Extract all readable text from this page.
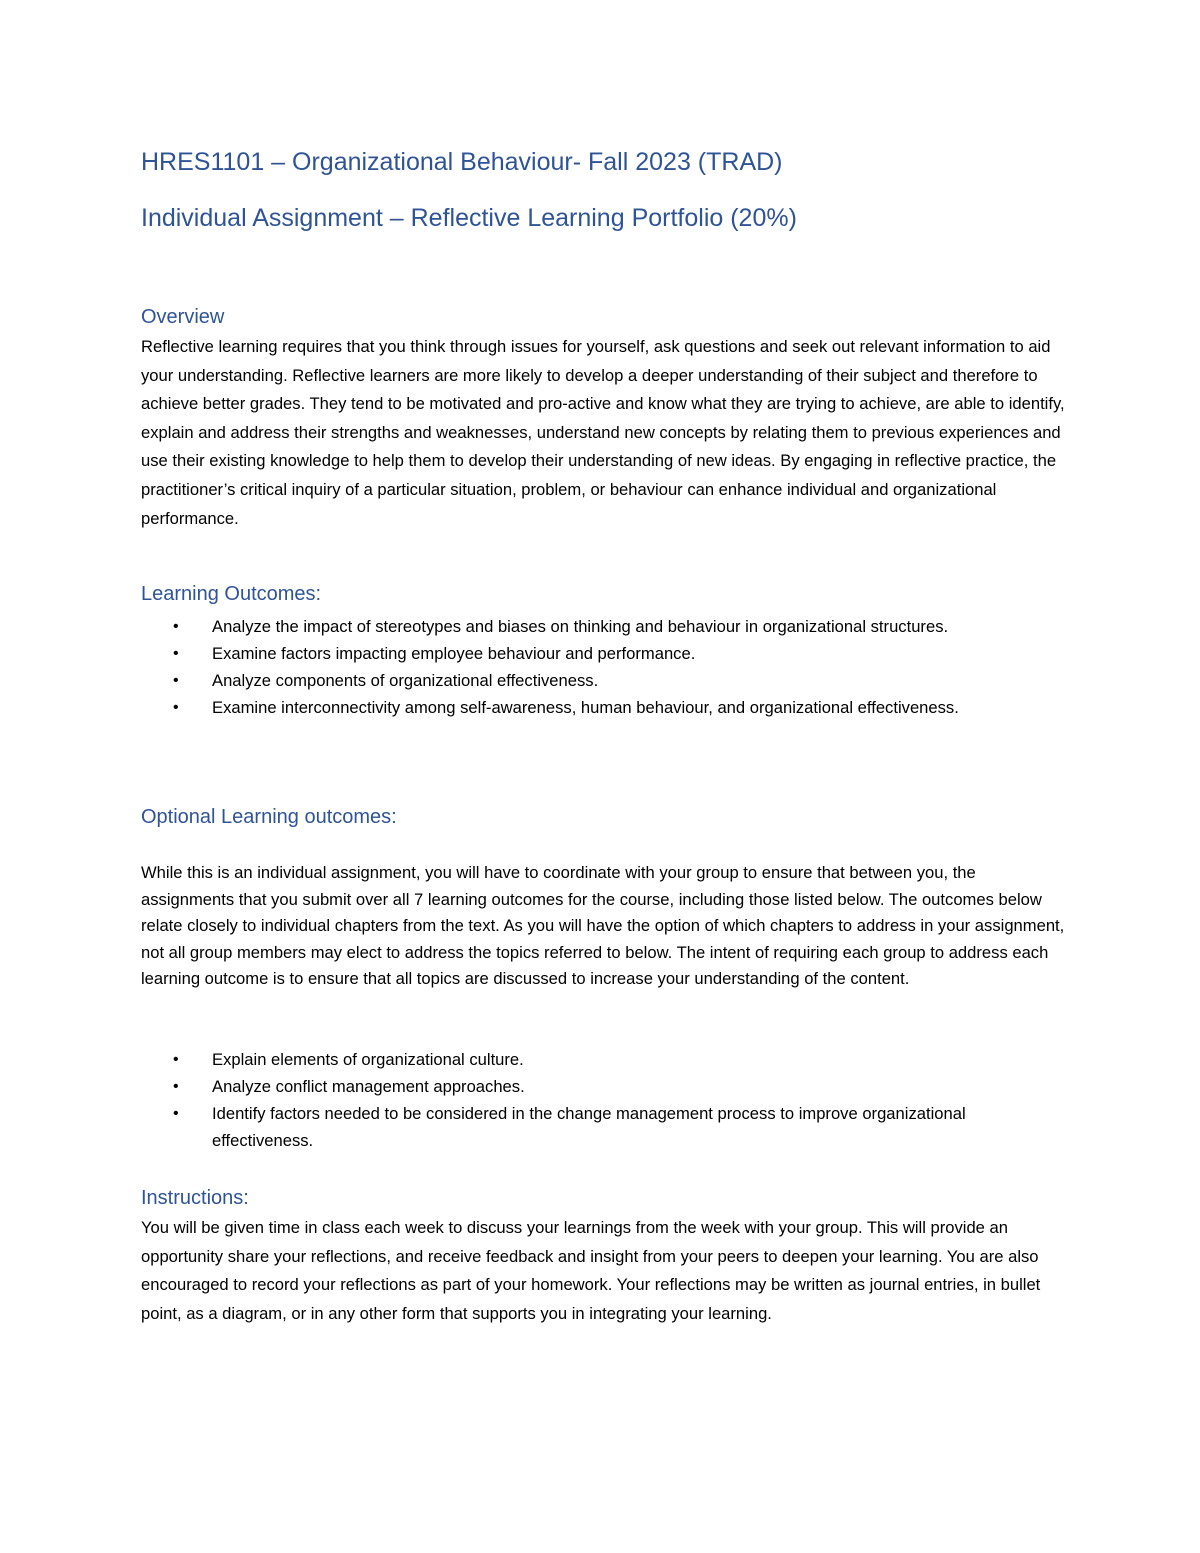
HRES1101 – Organizational Behaviour- Fall 2023 (TRAD)
Individual Assignment – Reflective Learning Portfolio (20%)
Overview

Reflective learning requires that you think through issues for yourself, ask questions and seek out relevant information to aid your understanding. Reflective learners are more likely to develop a deeper understanding of their subject and therefore to achieve better grades. They tend to be motivated and pro-active and know what they are trying to achieve, are able to identify, explain and address their strengths and weaknesses, understand new concepts by relating them to previous experiences and use their existing knowledge to help them to develop their understanding of new ideas. By engaging in reflective practice, the practitioner’s critical inquiry of a particular situation, problem, or behaviour can enhance individual and organizational performance.

Learning Outcomes:
• Analyze the impact of stereotypes and biases on thinking and behaviour in organizational structures.
• Examine factors impacting employee behaviour and performance.
• Analyze components of organizational effectiveness.
• Examine interconnectivity among self-awareness, human behaviour, and organizational effectiveness.
Optional Learning outcomes:

While this is an individual assignment, you will have to coordinate with your group to ensure that between you, the assignments that you submit over all 7 learning outcomes for the course, including those listed below. The outcomes below relate closely to individual chapters from the text. As you will have the option of which chapters to address in your assignment, not all group members may elect to address the topics referred to below. The intent of requiring each group to address each learning outcome is to ensure that all topics are discussed to increase your understanding of the content.

• Explain elements of organizational culture.
• Analyze conflict management approaches.
• Identify factors needed to be considered in the change management process to improve organizational effectiveness.
Instructions:

You will be given time in class each week to discuss your learnings from the week with your group. This will provide an opportunity share your reflections, and receive feedback and insight from your peers to deepen your learning. You are also encouraged to record your reflections as part of your homework. Your reflections may be written as journal entries, in bullet point, as a diagram, or in any other form that supports you in integrating your learning.
